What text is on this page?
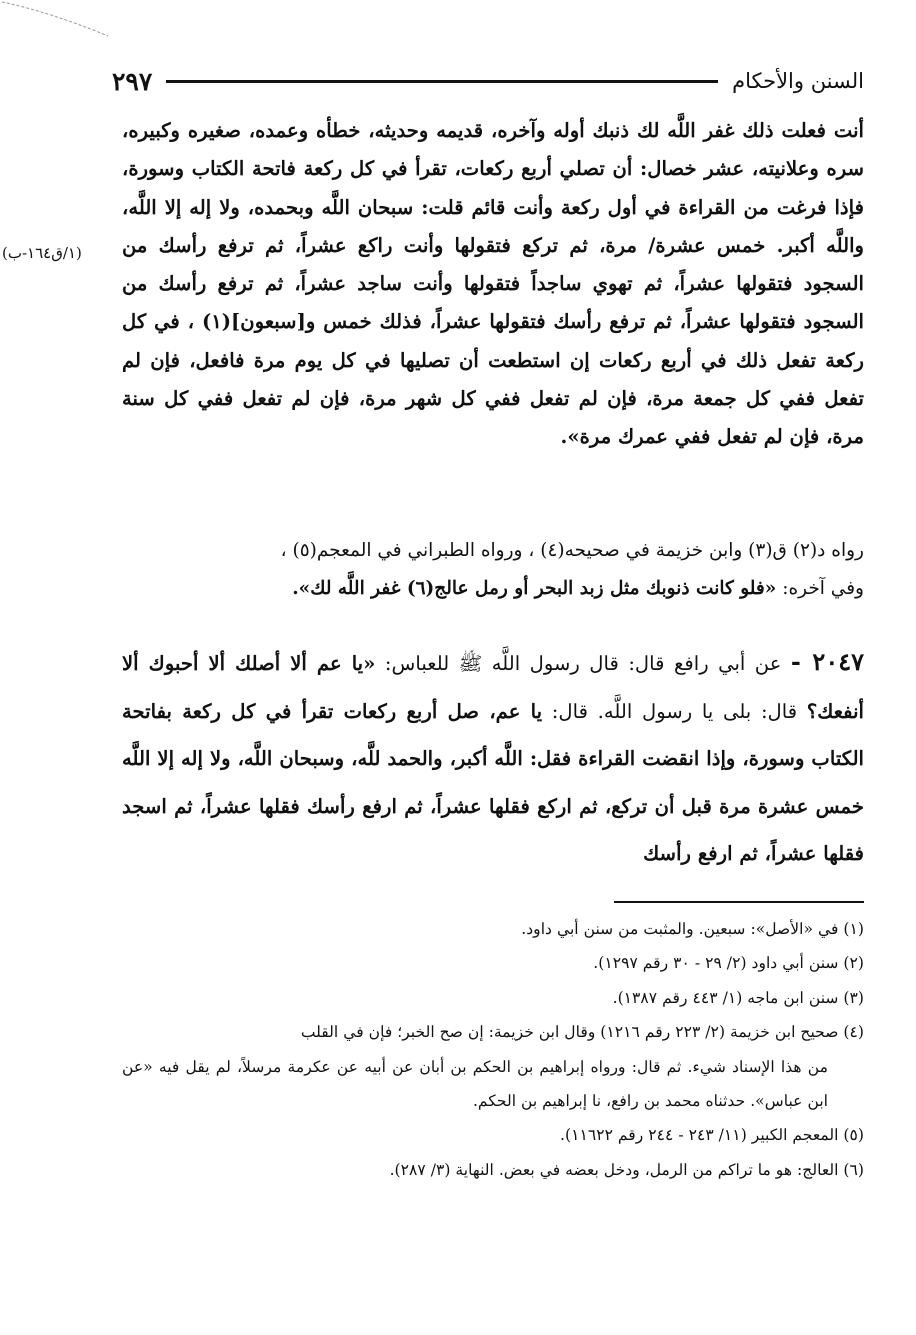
السنن والأحكام
٢٩٧
(١/ق١٦٤-ب)

أنت فعلت ذلك غفر اللَّه لك ذنبك أوله وآخره، قديمه وحديثه، خطأه وعمده، صغيره وكبيره، سره وعلانيته، عشر خصال: أن تصلي أربع ركعات، تقرأ في كل ركعة فاتحة الكتاب وسورة، فإذا فرغت من القراءة في أول ركعة وأنت قائم قلت: سبحان اللَّه وبحمده، ولا إله إلا اللَّه، واللَّه أكبر. خمس عشرة/ مرة، ثم تركع فتقولها وأنت راكع عشراً، ثم ترفع رأسك من السجود فتقولها عشراً، ثم تهوي ساجداً فتقولها وأنت ساجد عشراً، ثم ترفع رأسك من السجود فتقولها عشراً، ثم ترفع رأسك فتقولها عشراً، فذلك خمس و[سبعون](١) ، في كل ركعة تفعل ذلك في أربع ركعات إن استطعت أن تصليها في كل يوم مرة فافعل، فإن لم تفعل ففي كل جمعة مرة، فإن لم تفعل ففي كل شهر مرة، فإن لم تفعل ففي كل سنة مرة، فإن لم تفعل ففي عمرك مرة».

رواه د(٢) ق(٣) وابن خزيمة في صحيحه(٤) ، ورواه الطبراني في المعجم(٥) ،

وفي آخره: «فلو كانت ذنوبك مثل زبد البحر أو رمل عالج(٦) غفر اللَّه لك».

٢٠٤٧ - عن أبي رافع قال: قال رسول اللَّه ﷺ للعباس: «يا عم ألا أصلك ألا أحبوك ألا أنفعك؟ قال: بلى يا رسول اللَّه. قال: يا عم، صل أربع ركعات تقرأ في كل ركعة بفاتحة الكتاب وسورة، وإذا انقضت القراءة فقل: اللَّه أكبر، والحمد للَّه، وسبحان اللَّه، ولا إله إلا اللَّه خمس عشرة مرة قبل أن تركع، ثم اركع فقلها عشراً، ثم ارفع رأسك فقلها عشراً، ثم اسجد فقلها عشراً، ثم ارفع رأسك

(١) في «الأصل»: سبعين. والمثبت من سنن أبي داود.

(٢) سنن أبي داود (٢/ ٢٩ - ٣٠ رقم ١٢٩٧).

(٣) سنن ابن ماجه (١/ ٤٤٣ رقم ١٣٨٧).

(٤) صحيح ابن خزيمة (٢/ ٢٢٣ رقم ١٢١٦) وقال ابن خزيمة: إن صح الخبر؛ فإن في القلب
من هذا الإسناد شيء. ثم قال: ورواه إبراهيم بن الحكم بن أبان عن أبيه عن عكرمة مرسلاً، لم يقل فيه «عن ابن عباس». حدثناه محمد بن رافع، نا إبراهيم بن الحكم.

(٥) المعجم الكبير (١١/ ٢٤٣ - ٢٤٤ رقم ١١٦٢٢).

(٦) العالج: هو ما تراكم من الرمل، ودخل بعضه في بعض. النهاية (٣/ ٢٨٧).
